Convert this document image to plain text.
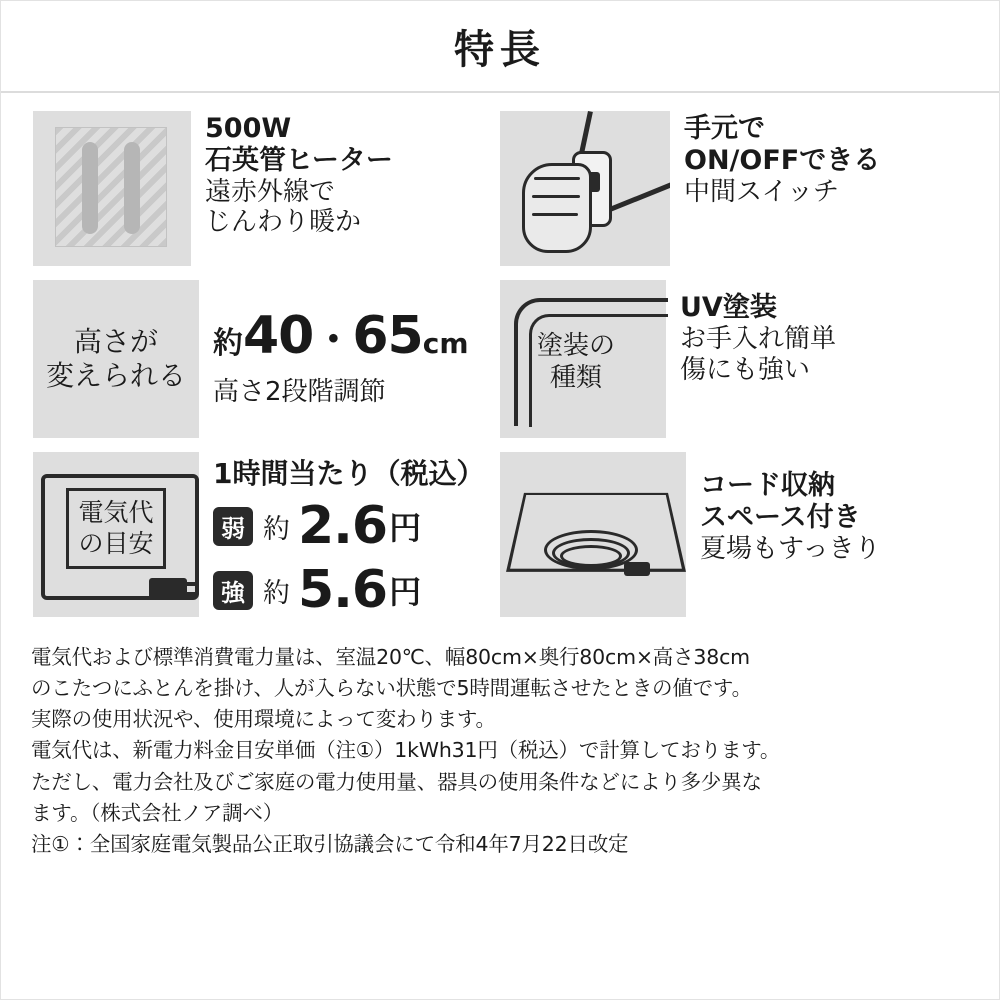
特長
500W
石英管ヒーター
遠赤外線で
じんわり暖か
手元で
ON/OFFできる
中間スイッチ
高さが
変えられる
約 40 ・ 65 cm
高さ2段階調節
塗装の
種類
UV塗装
お手入れ簡単
傷にも強い
電気代
の目安
1時間当たり（税込）
弱 約 2.6 円
強 約 5.6 円
コード収納
スペース付き
夏場もすっきり

電気代および標準消費電力量は、室温20℃、幅80cm×奥行80cm×高さ38cm

のこたつにふとんを掛け、人が入らない状態で5時間運転させたときの値です。

実際の使用状況や、使用環境によって変わります。

電気代は、新電力料金目安単価（注①）1kWh31円（税込）で計算しております。

ただし、電力会社及びご家庭の電力使用量、器具の使用条件などにより多少異な

ます。（株式会社ノア調べ）

注①：全国家庭電気製品公正取引協議会にて令和4年7月22日改定
